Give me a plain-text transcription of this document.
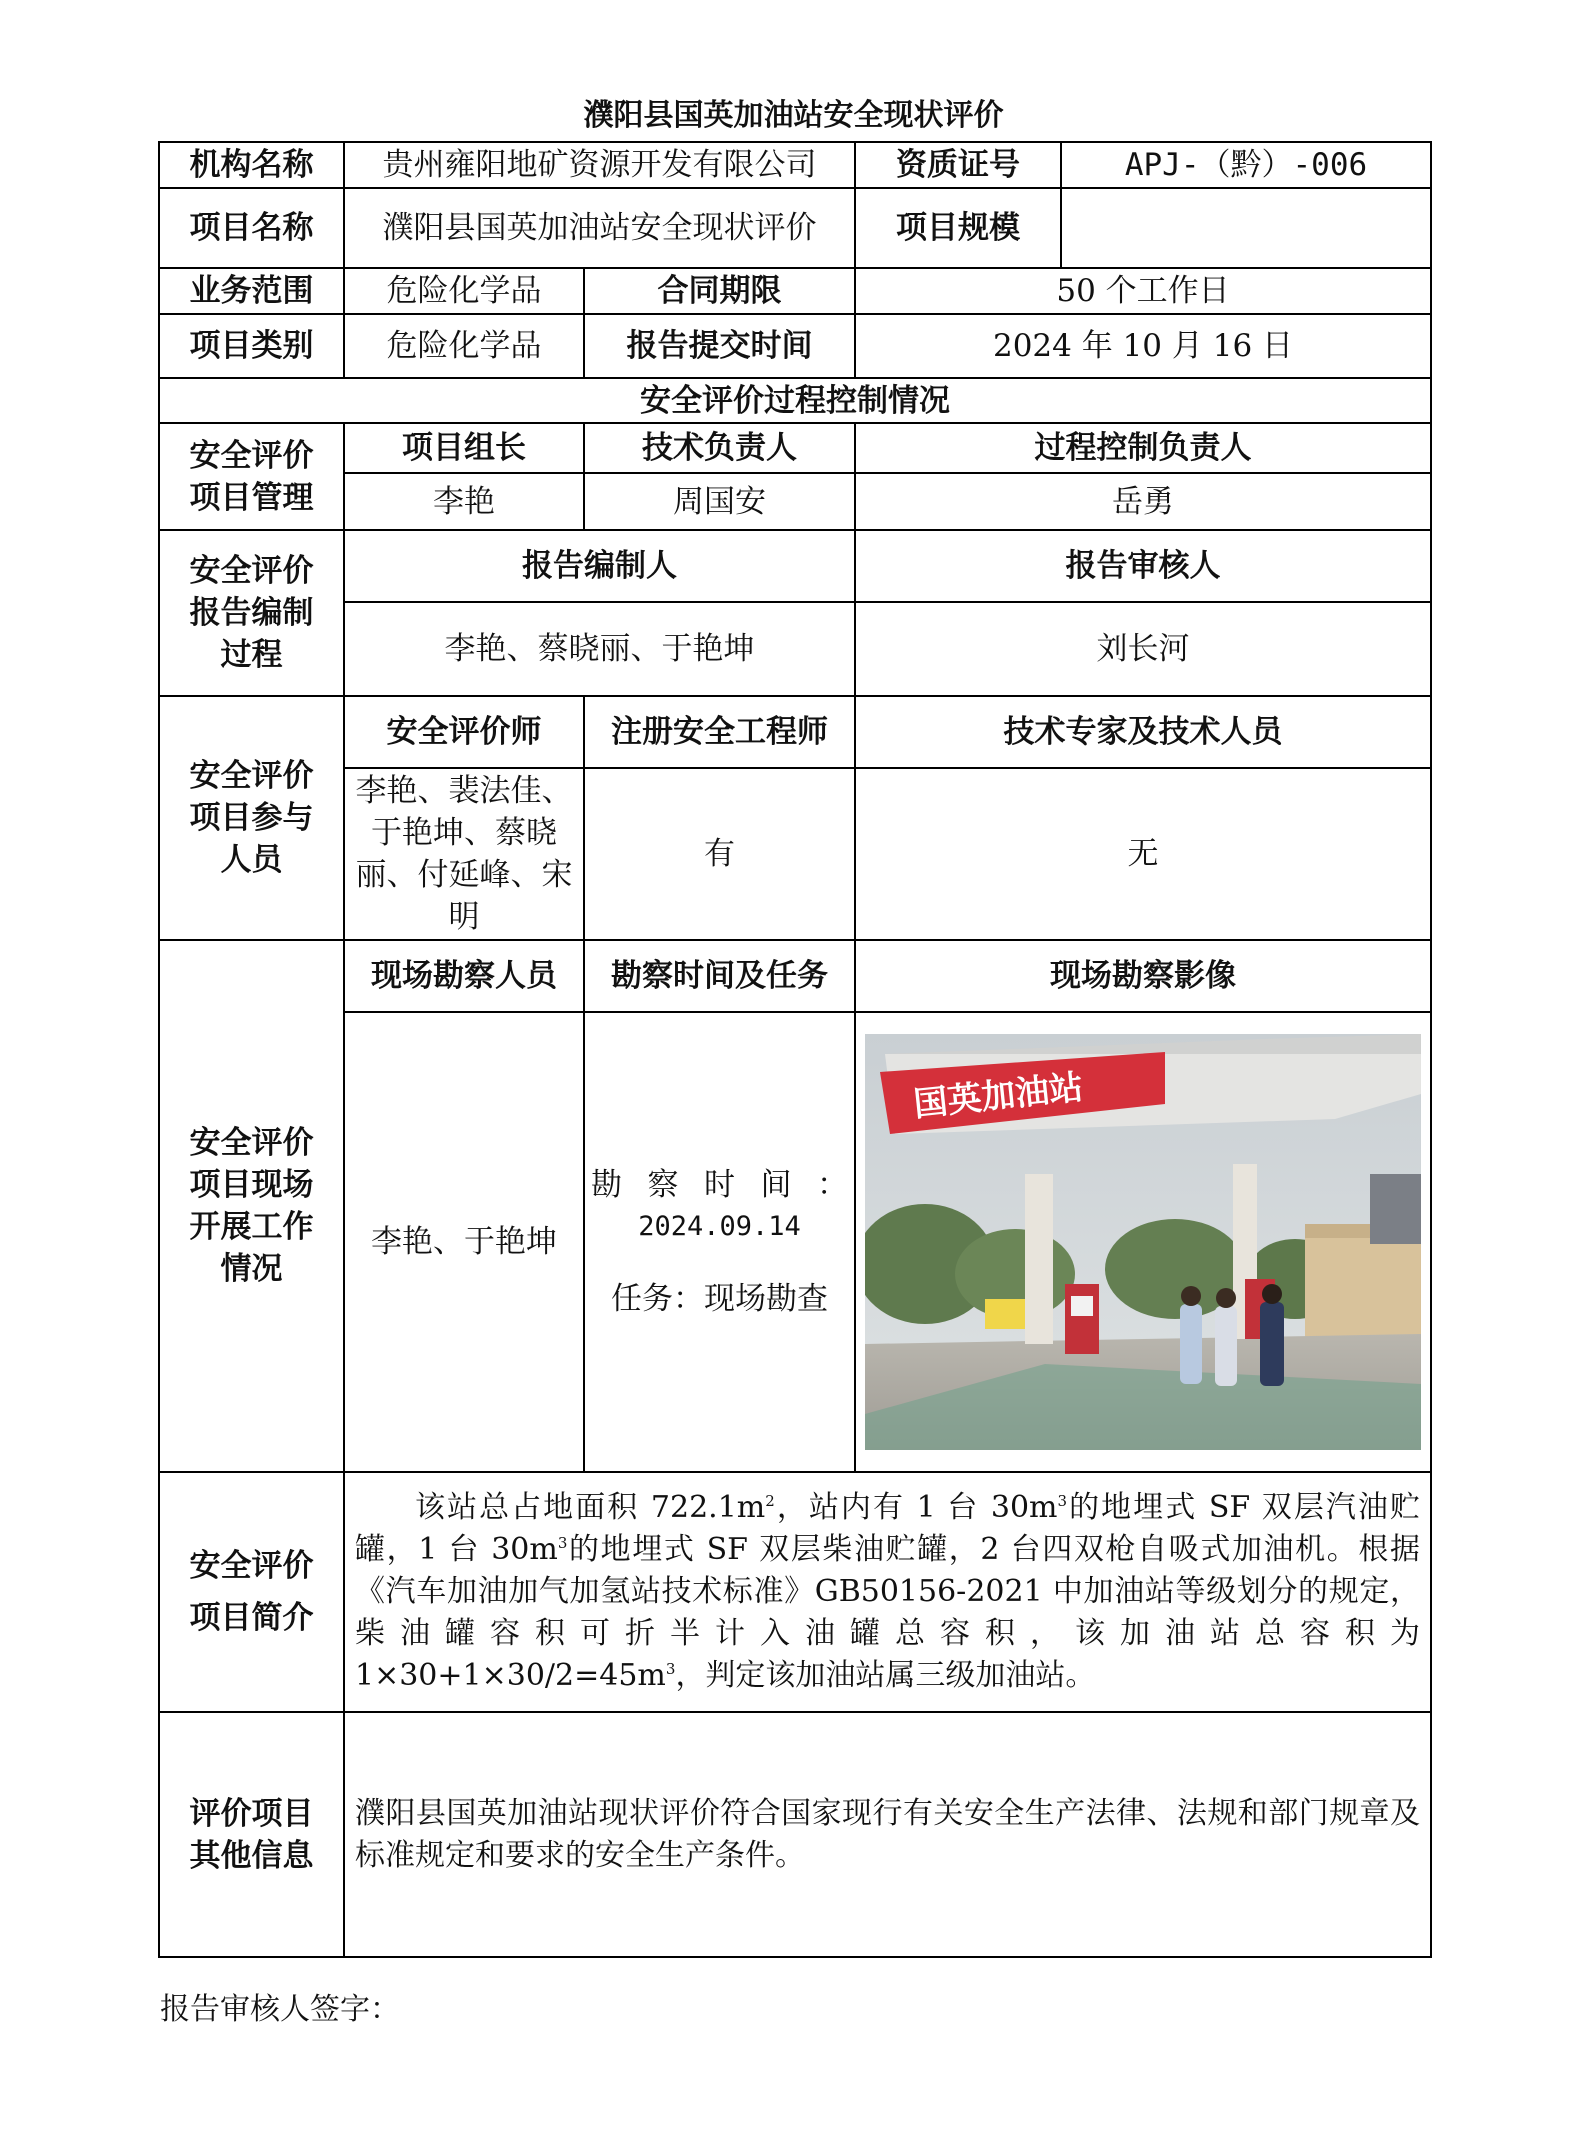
濮阳县国英加油站安全现状评价
机构名称	贵州雍阳地矿资源开发有限公司		资质证号	APJ-（黔）-006
项目名称	濮阳县国英加油站安全现状评价		项目规模	
业务范围	危险化学品	合同期限	50 个工作日	
项目类别	危险化学品	报告提交时间	2024 年 10 月 16 日	
安全评价过程控制情况				

安全评价
项目管理	项目组长	技术负责人	过程控制负责人	
	李艳	周国安	岳勇	

安全评价
报告编制
过程	报告编制人		报告审核人	
	李艳、蔡晓丽、于艳坤		刘长河	

安全评价
项目参与
人员	安全评价师	注册安全工程师	技术专家及技术人员	

	李艳、裴法佳、
于艳坤、蔡晓
丽、付延峰、宋
明	有	无	

安全评价
项目现场
开展工作
情况	现场勘察人员	勘察时间及任务	现场勘察影像	
	李艳、于艳坤	勘察时间：
2024.09.14
任务：现场勘查	国英加油站	

安全评价
项目简介	该站总占地面积 $722.1m^2$，站内有 1 台 $30m^3$的地埋式 SF 双层汽油贮罐，1 台 $30m^3$的地埋式 SF 双层柴油贮罐，2 台四双枪自吸式加油机。根据《汽车加油加气加氢站技术标准》GB50156-2021 中加油站等级划分的规定，柴油罐容积可折半计入油罐总容积，该加油站总容积为 $1\times 30+1\times 30/2=45m^3$，判定该加油站属三级加油站。			

评价项目
其他信息	濮阳县国英加油站现状评价符合国家现行有关安全生产法律、法规和部门规章及标准规定和要求的安全生产条件。			
报告审核人签字：
